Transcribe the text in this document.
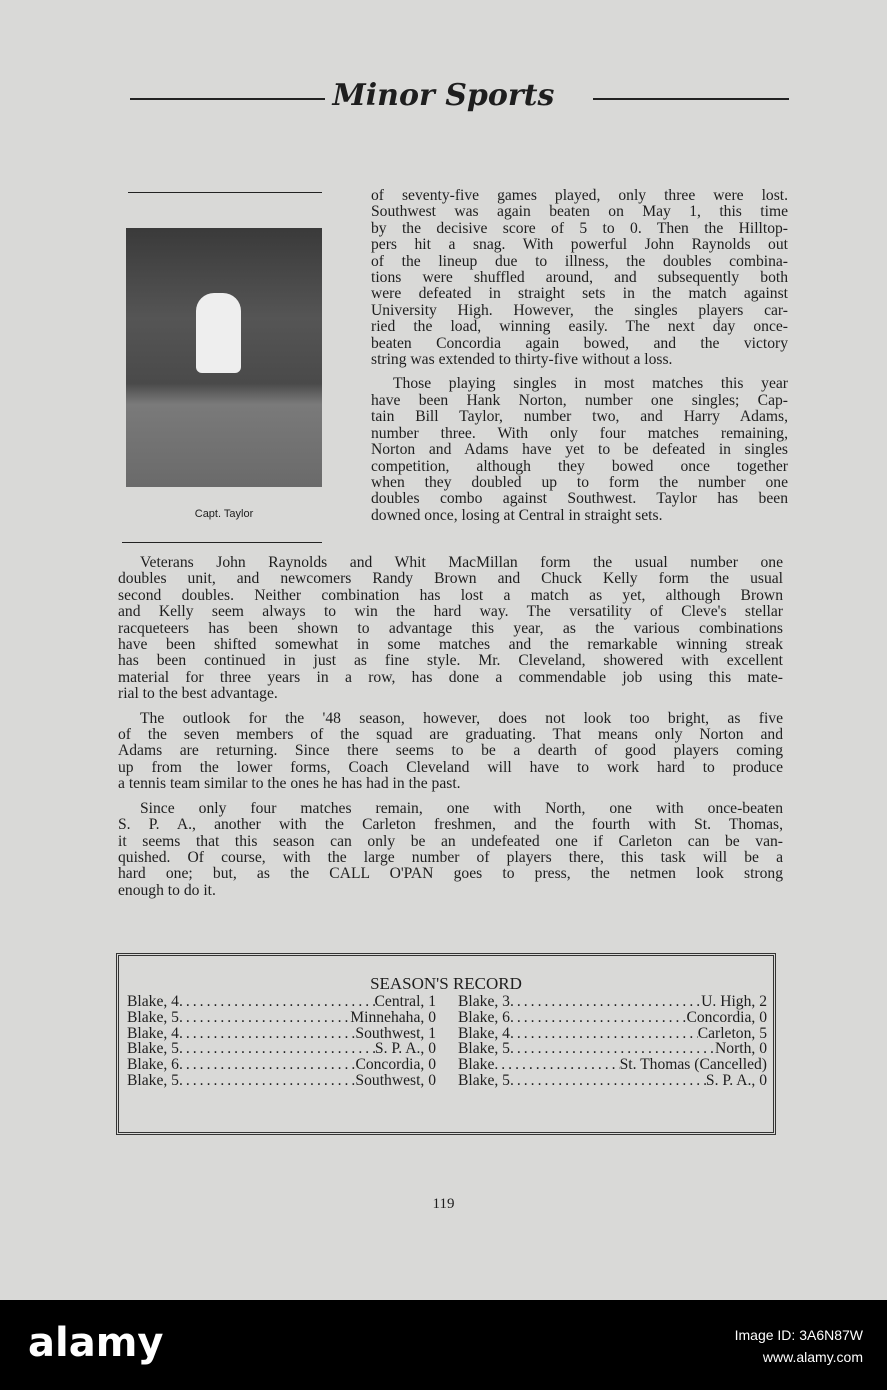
Minor Sports
Capt. Taylor
of seventy-five games played, only three were lost.
Southwest was again beaten on May 1, this time
by the decisive score of 5 to 0. Then the Hilltop-
pers hit a snag. With powerful John Raynolds out
of the lineup due to illness, the doubles combina-
tions were shuffled around, and subsequently both
were defeated in straight sets in the match against
University High. However, the singles players car-
ried the load, winning easily. The next day once-
beaten Concordia again bowed, and the victory
string was extended to thirty-five without a loss.
Those playing singles in most matches this year
have been Hank Norton, number one singles; Cap-
tain Bill Taylor, number two, and Harry Adams,
number three. With only four matches remaining,
Norton and Adams have yet to be defeated in singles
competition, although they bowed once together
when they doubled up to form the number one
doubles combo against Southwest. Taylor has been
downed once, losing at Central in straight sets.
Veterans John Raynolds and Whit MacMillan form the usual number one
doubles unit, and newcomers Randy Brown and Chuck Kelly form the usual
second doubles. Neither combination has lost a match as yet, although Brown
and Kelly seem always to win the hard way. The versatility of Cleve's stellar
racqueteers has been shown to advantage this year, as the various combinations
have been shifted somewhat in some matches and the remarkable winning streak
has been continued in just as fine style. Mr. Cleveland, showered with excellent
material for three years in a row, has done a commendable job using this mate-
rial to the best advantage.
The outlook for the '48 season, however, does not look too bright, as five
of the seven members of the squad are graduating. That means only Norton and
Adams are returning. Since there seems to be a dearth of good players coming
up from the lower forms, Coach Cleveland will have to work hard to produce
a tennis team similar to the ones he has had in the past.
Since only four matches remain, one with North, one with once-beaten
S. P. A., another with the Carleton freshmen, and the fourth with St. Thomas,
it seems that this season can only be an undefeated one if Carleton can be van-
quished. Of course, with the large number of players there, this task will be a
hard one; but, as the CALL O'PAN goes to press, the netmen look strong
enough to do it.
SEASON'S RECORD
Blake, 4 .....	Central, 1
Blake, 5 .....	Minnehaha, 0
Blake, 4 .....	Southwest, 1
Blake, 5 .....	S. P. A., 0
Blake, 6 .....	Concordia, 0
Blake, 5 .....	Southwest, 0
Blake, 3 .....	U. High, 2
Blake, 6 .....	Concordia, 0
Blake, 4 .....	Carleton, 5
Blake, 5 .....	North, 0
Blake .....	St. Thomas (Cancelled)
Blake, 5 .....	S. P. A., 0
119
alamy	Image ID: 3A6N87W
www.alamy.com
